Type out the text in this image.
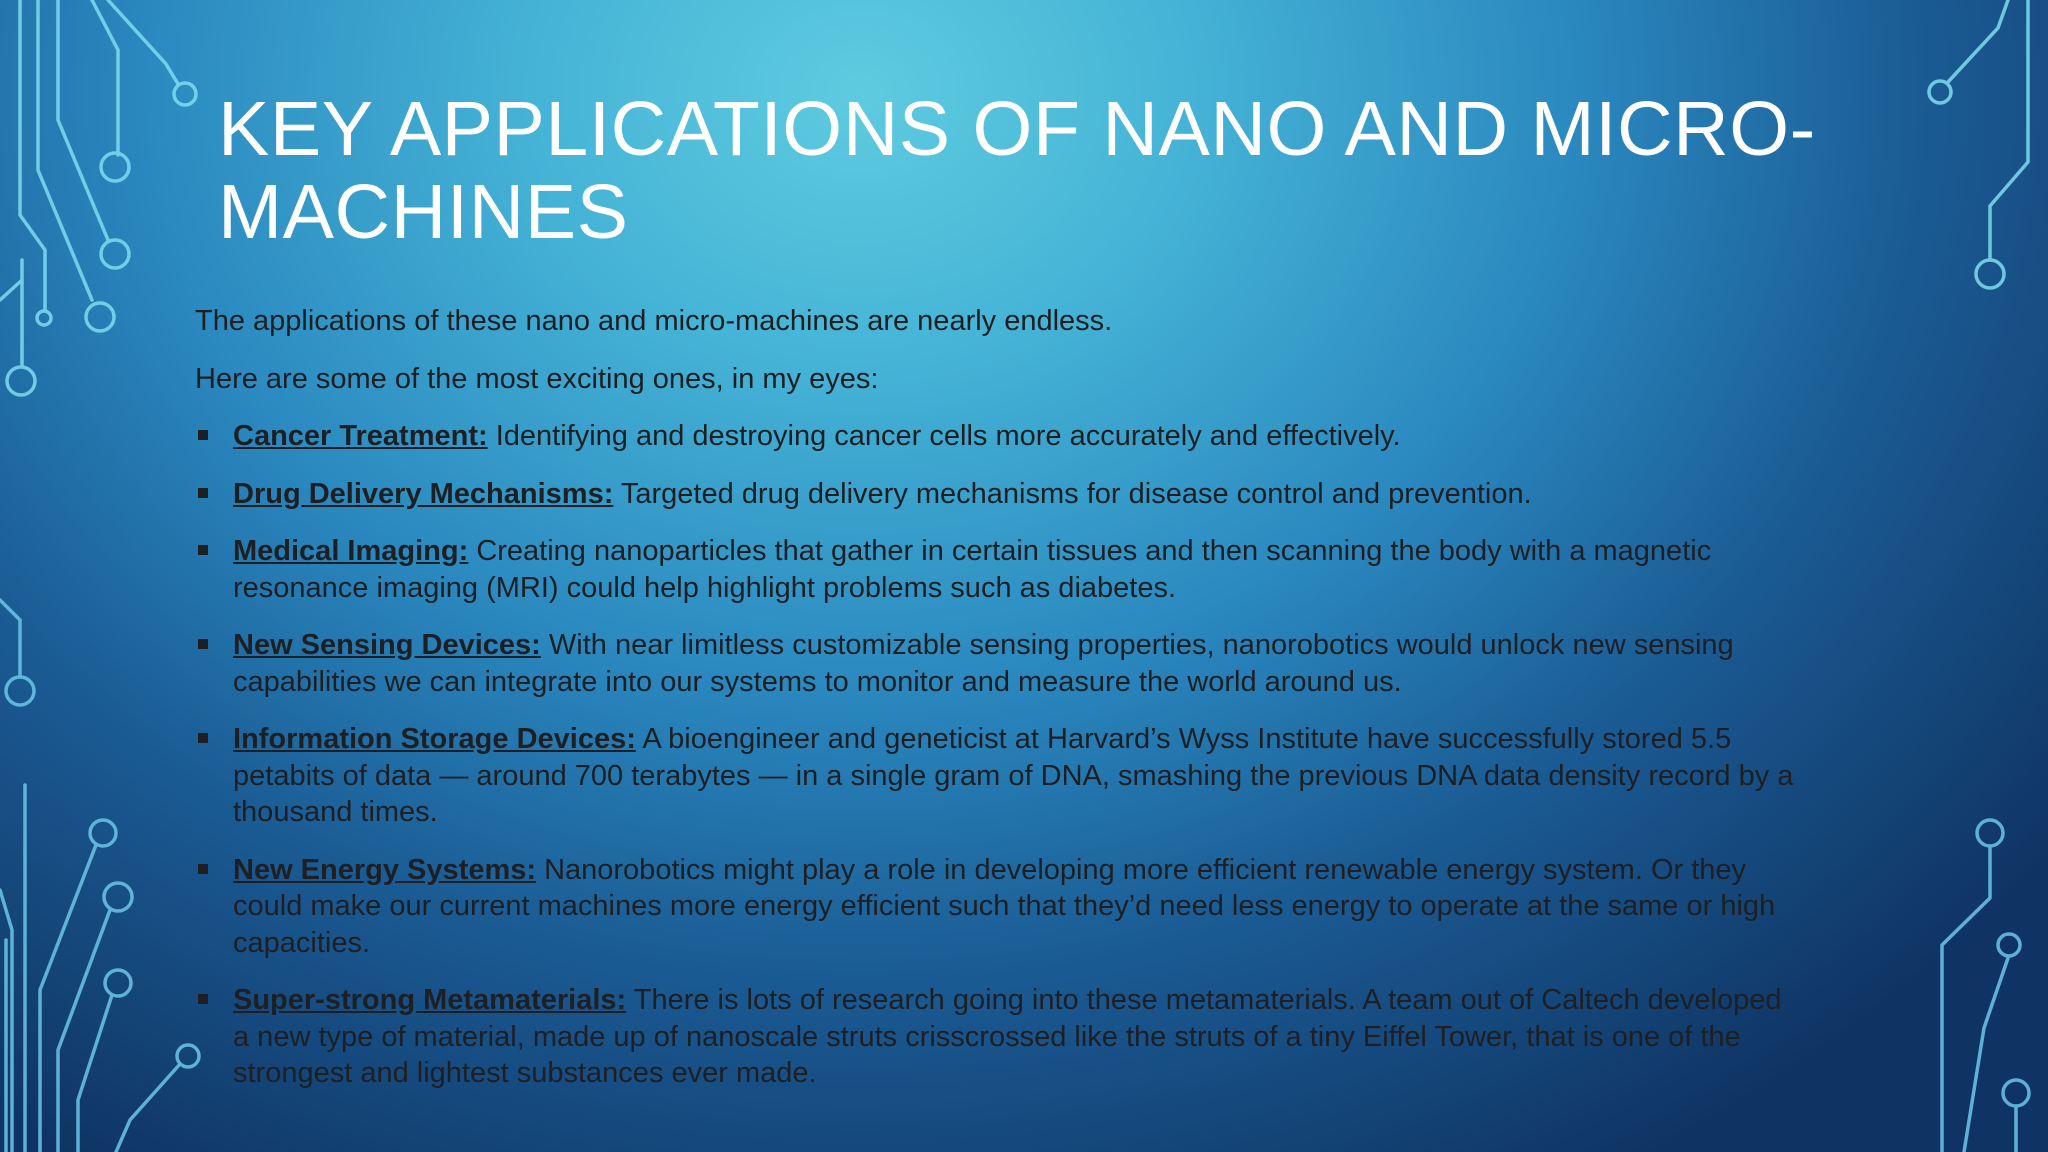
KEY APPLICATIONS OF NANO AND MICRO-MACHINES

The applications of these nano and micro-machines are nearly endless.

Here are some of the most exciting ones, in my eyes:

Cancer Treatment: Identifying and destroying cancer cells more accurately and effectively.
Drug Delivery Mechanisms: Targeted drug delivery mechanisms for disease control and prevention.
Medical Imaging: Creating nanoparticles that gather in certain tissues and then scanning the body with a magnetic resonance imaging (MRI) could help highlight problems such as diabetes.
New Sensing Devices: With near limitless customizable sensing properties, nanorobotics would unlock new sensing capabilities we can integrate into our systems to monitor and measure the world around us.
Information Storage Devices: A bioengineer and geneticist at Harvard’s Wyss Institute have successfully stored 5.5 petabits of data — around 700 terabytes — in a single gram of DNA, smashing the previous DNA data density record by a thousand times.
New Energy Systems: Nanorobotics might play a role in developing more efficient renewable energy system. Or they could make our current machines more energy efficient such that they’d need less energy to operate at the same or high capacities.
Super-strong Metamaterials: There is lots of research going into these metamaterials. A team out of Caltech developed a new type of material, made up of nanoscale struts crisscrossed like the struts of a tiny Eiffel Tower, that is one of the strongest and lightest substances ever made.
